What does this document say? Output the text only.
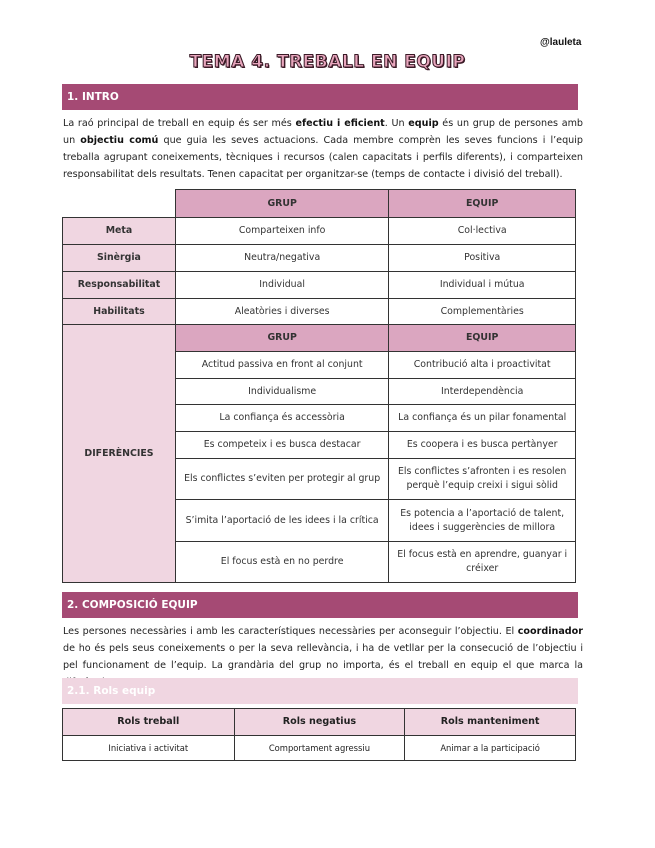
@lauleta
TEMA 4. TREBALL EN EQUIP
1. INTRO
La raó principal de treball en equip és ser més efectiu i eficient. Un equip és un grup de persones amb un objectiu comú que guia les seves actuacions. Cada membre comprèn les seves funcions i l’equip treballa agrupant coneixements, tècniques i recursos (calen capacitats i perfils diferents), i comparteixen responsabilitat dels resultats. Tenen capacitat per organitzar-se (temps de contacte i divisió del treball).
	GRUP	EQUIP
Meta	Comparteixen info	Col·lectiva
Sinèrgia	Neutra/negativa	Positiva
Responsabilitat	Individual	Individual i mútua
Habilitats	Aleatòries i diverses	Complementàries
DIFERÈNCIES	GRUP	EQUIP
	Actitud passiva en front al conjunt	Contribució alta i proactivitat
	Individualisme	Interdependència
	La confiança és accessòria	La confiança és un pilar fonamental
	Es competeix i es busca destacar	Es coopera i es busca pertànyer
	Els conflictes s’eviten per protegir al grup	Els conflictes s’afronten i es resolen perquè l’equip creixi i sigui sòlid
	S’imita l’aportació de les idees i la crítica	Es potencia a l’aportació de talent, idees i suggerències de millora
	El focus està en no perdre	El focus està en aprendre, guanyar i créixer
2. COMPOSICIÓ EQUIP
Les persones necessàries i amb les característiques necessàries per aconseguir l’objectiu. El coordinador de ho és pels seus coneixements o per la seva rellevància, i ha de vetllar per la consecució de l’objectiu i pel funcionament de l’equip. La grandària del grup no importa, és el treball en equip el que marca la
2.1. Rols equip
Rols treball	Rols negatius	Rols manteniment
Iniciativa i activitat	Comportament agressiu	Animar a la participació
